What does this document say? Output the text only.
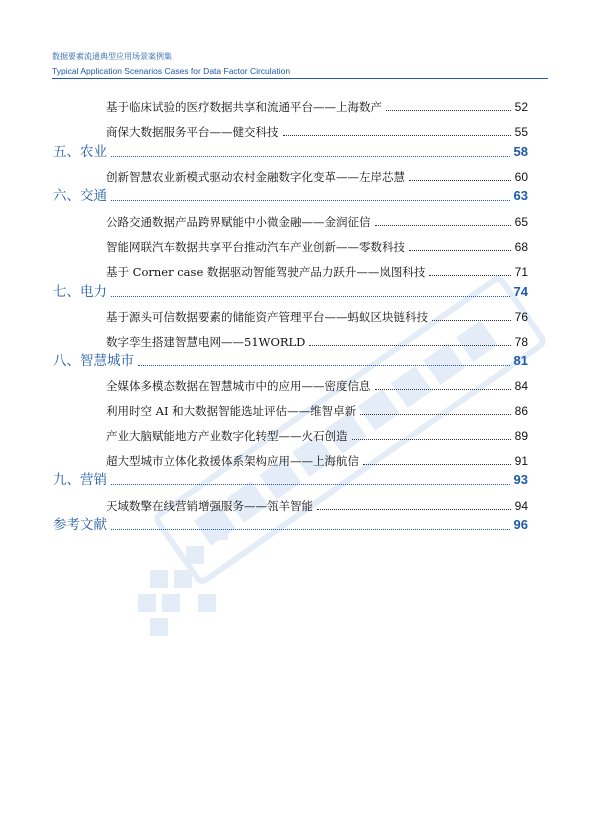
数据要素流通典型应用场景案例集
Typical Application Scenarios Cases for Data Factor Circulation
基于临床试验的医疗数据共享和流通平台——上海数产	52
商保大数据服务平台——健交科技	55
五、农业	58
创新智慧农业新模式驱动农村金融数字化变革——左岸芯慧	60
六、交通	63
公路交通数据产品跨界赋能中小微金融——金润征信	65
智能网联汽车数据共享平台推动汽车产业创新——零数科技	68
基于 Corner case 数据驱动智能驾驶产品力跃升——岚图科技	71
七、电力	74
基于源头可信数据要素的储能资产管理平台——蚂蚁区块链科技	76
数字孪生搭建智慧电网——51WORLD	78
八、智慧城市	81
全媒体多模态数据在智慧城市中的应用——密度信息	84
利用时空 AI 和大数据智能选址评估——维智卓新	86
产业大脑赋能地方产业数字化转型——火石创造	89
超大型城市立体化救援体系架构应用——上海航信	91
九、营销	93
天域数擎在线营销增强服务——瓴羊智能	94
参考文献	96
